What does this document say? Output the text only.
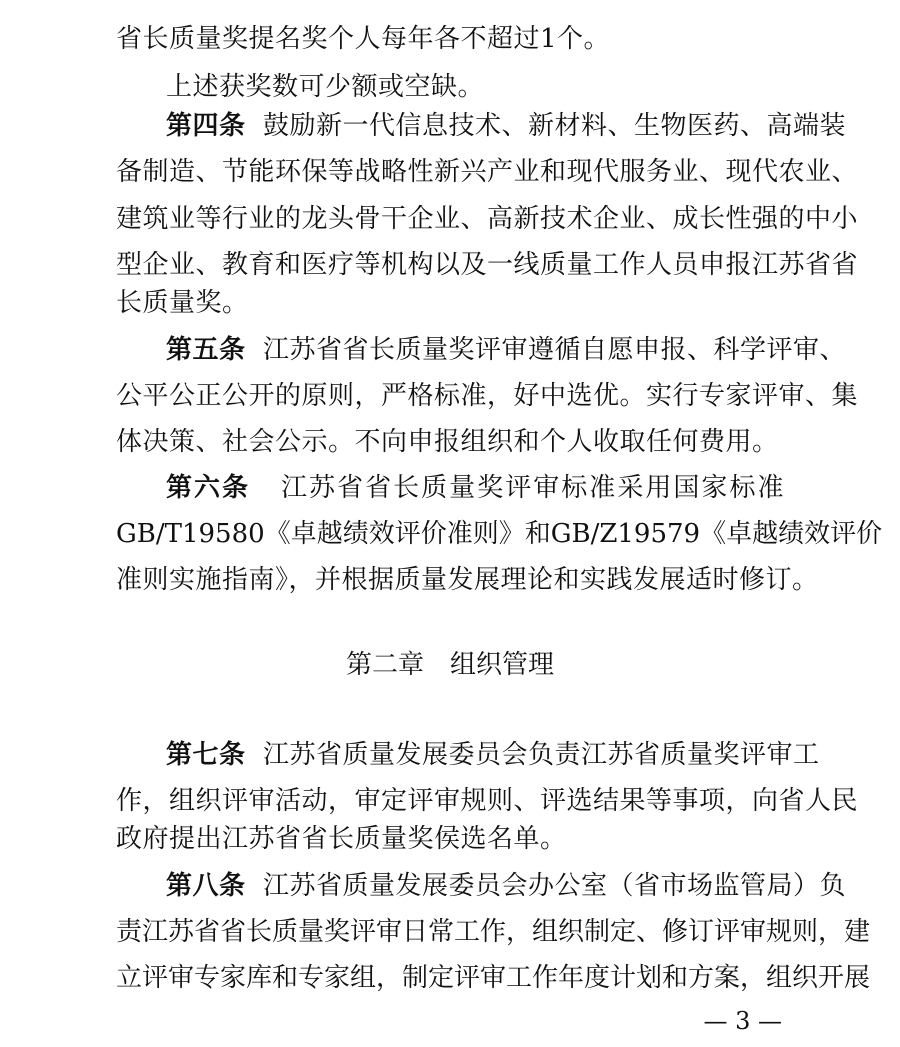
省长质量奖提名奖个人每年各不超过1个。
上述获奖数可少额或空缺。
第四条 鼓励新一代信息技术、新材料、生物医药、高端装
备制造、节能环保等战略性新兴产业和现代服务业、现代农业、
建筑业等行业的龙头骨干企业、高新技术企业、成长性强的中小
型企业、教育和医疗等机构以及一线质量工作人员申报江苏省省
长质量奖。
第五条 江苏省省长质量奖评审遵循自愿申报、科学评审、
公平公正公开的原则，严格标准，好中选优。实行专家评审、集
体决策、社会公示。不向申报组织和个人收取任何费用。
第六条 江苏省省长质量奖评审标准采用国家标准
GB/T19580《卓越绩效评价准则》和GB/Z19579《卓越绩效评价
准则实施指南》，并根据质量发展理论和实践发展适时修订。
第二章　组织管理
第七条 江苏省质量发展委员会负责江苏省质量奖评审工
作，组织评审活动，审定评审规则、评选结果等事项，向省人民
政府提出江苏省省长质量奖侯选名单。
第八条 江苏省质量发展委员会办公室（省市场监管局）负
责江苏省省长质量奖评审日常工作，组织制定、修订评审规则，建
立评审专家库和专家组，制定评审工作年度计划和方案，组织开展
— 3 —
